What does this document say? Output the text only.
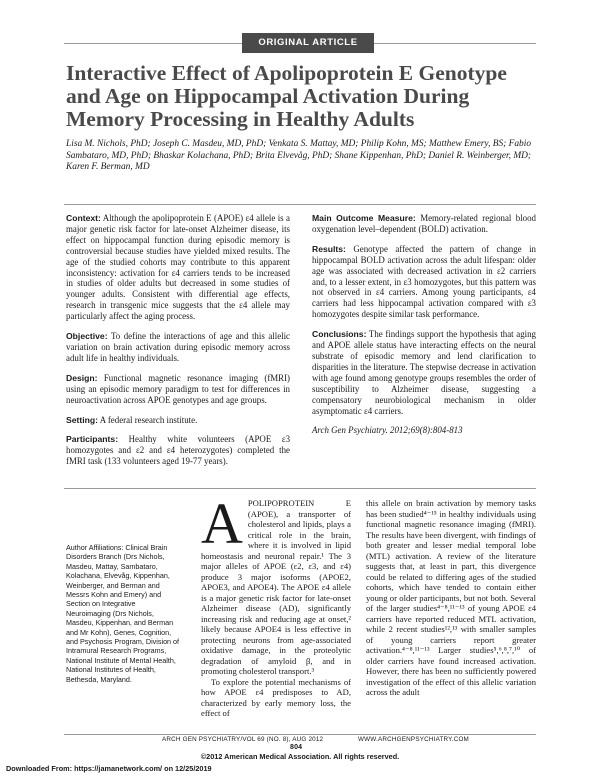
ORIGINAL ARTICLE
Interactive Effect of Apolipoprotein E Genotype and Age on Hippocampal Activation During Memory Processing in Healthy Adults
Lisa M. Nichols, PhD; Joseph C. Masdeu, MD, PhD; Venkata S. Mattay, MD; Philip Kohn, MS; Matthew Emery, BS; Fabio Sambataro, MD, PhD; Bhaskar Kolachana, PhD; Brita Elvevåg, PhD; Shane Kippenhan, PhD; Daniel R. Weinberger, MD; Karen F. Berman, MD

Context: Although the apolipoprotein E (APOE) ε4 allele is a major genetic risk factor for late-onset Alzheimer disease, its effect on hippocampal function during episodic memory is controversial because studies have yielded mixed results. The age of the studied cohorts may contribute to this apparent inconsistency: activation for ε4 carriers tends to be increased in studies of older adults but decreased in some studies of younger adults. Consistent with differential age effects, research in transgenic mice suggests that the ε4 allele may particularly affect the aging process.

Objective: To define the interactions of age and this allelic variation on brain activation during episodic memory across adult life in healthy individuals.

Design: Functional magnetic resonance imaging (fMRI) using an episodic memory paradigm to test for differences in neuroactivation across APOE genotypes and age groups.

Setting: A federal research institute.

Participants: Healthy white volunteers (APOE ε3 homozygotes and ε2 and ε4 heterozygotes) completed the fMRI task (133 volunteers aged 19-77 years).

Main Outcome Measure: Memory-related regional blood oxygenation level–dependent (BOLD) activation.

Results: Genotype affected the pattern of change in hippocampal BOLD activation across the adult lifespan: older age was associated with decreased activation in ε2 carriers and, to a lesser extent, in ε3 homozygotes, but this pattern was not observed in ε4 carriers. Among young participants, ε4 carriers had less hippocampal activation compared with ε3 homozygotes despite similar task performance.

Conclusions: The findings support the hypothesis that aging and APOE allele status have interacting effects on the neural substrate of episodic memory and lend clarification to disparities in the literature. The stepwise decrease in activation with age found among genotype groups resembles the order of susceptibility to Alzheimer disease, suggesting a compensatory neurobiological mechanism in older asymptomatic ε4 carriers.

Arch Gen Psychiatry. 2012;69(8):804-813

Author Affiliations: Clinical Brain Disorders Branch (Drs Nichols, Masdeu, Mattay, Sambataro, Kolachana, Elvevåg, Kippenhan, Weinberger, and Berman and Messrs Kohn and Emery) and Section on Integrative Neuroimaging (Drs Nichols, Masdeu, Kippenhan, and Berman and Mr Kohn), Genes, Cognition, and Psychosis Program, Division of Intramural Research Programs, National Institute of Mental Health, National Institutes of Health, Bethesda, Maryland.

APOLIPOPROTEIN E (APOE), a transporter of cholesterol and lipids, plays a critical role in the brain, where it is involved in lipid homeostasis and neuronal repair.¹ The 3 major alleles of APOE (ε2, ε3, and ε4) produce 3 major isoforms (APOE2, APOE3, and APOE4). The APOE ε4 allele is a major genetic risk factor for late-onset Alzheimer disease (AD), significantly increasing risk and reducing age at onset,² likely because APOE4 is less effective in protecting neurons from age-associated oxidative damage, in the proteolytic degradation of amyloid β, and in promoting cholesterol transport.³

To explore the potential mechanisms of how APOE ε4 predisposes to AD, characterized by early memory loss, the effect of

this allele on brain activation by memory tasks has been studied⁴⁻¹⁵ in healthy individuals using functional magnetic resonance imaging (fMRI). The results have been divergent, with findings of both greater and lesser medial temporal lobe (MTL) activation. A review of the literature suggests that, at least in part, this divergence could be related to differing ages of the studied cohorts, which have tended to contain either young or older participants, but not both. Several of the larger studies⁴⁻⁸,¹¹⁻¹³ of young APOE ε4 carriers have reported reduced MTL activation, while 2 recent studies¹²,¹³ with smaller samples of young carriers report greater activation.⁴⁻⁸,¹¹⁻¹³ Larger studies⁵,⁶,⁸,⁷,¹⁰ of older carriers have found increased activation. However, there has been no sufficiently powered investigation of the effect of this allelic variation across the adult

ARCH GEN PSYCHIATRY/VOL 69 (NO. 8), AUG 2012	WWW.ARCHGENPSYCHIATRY.COM
804
©2012 American Medical Association. All rights reserved.
Downloaded From: https://jamanetwork.com/ on 12/25/2019
